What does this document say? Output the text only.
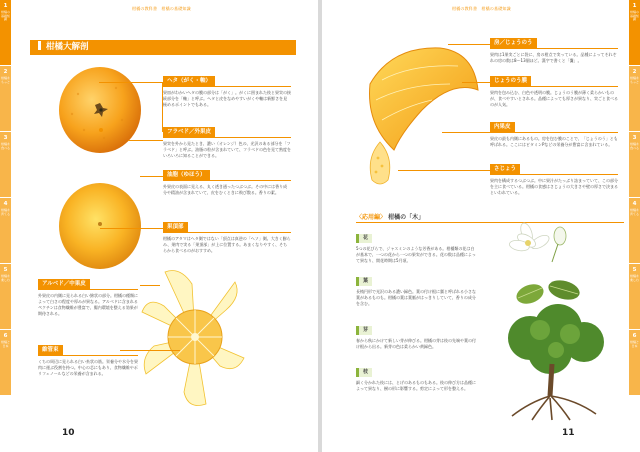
1
柑橘の基礎知識
2
柑橘をもっと
3
柑橘を食べる
4
柑橘を育てる
5
柑橘を楽しむ
6
柑橘と日本
柑橘の教科書　柑橘の基礎知識
柑橘大解剖
ヘタ（がく・軸）
果皿がわかいヘタの膜の部分は「がく」。がくに囲まれた枝と果実の接続部分を「軸」と呼ぶ。ヘタと皮をなめやすいがくや軸は新鮮さを見極めるポイントでもある。
フラベド／外果皮
果実を外から見たとき、濃い（オレンジ）色の、光沢のある部分を「フラベド」と呼ぶ。油脂の粒が含まれていて、フラベドの色を見て熟度をいろいろに知ることができる。
油胞（ゆほう）
外果皮の表面に見える、丸く透き通ったつぶつぶ。その中には香り成分や精油が含まれていて、皮をむくときに飛び散る。香りの素。
果頂部
柑橘のアタマはヘタ側ではない「頂点は真逆の「ヘソ」側。大きく膨らみ、果肉で実る「果頂部」が上に位置する。あまくなりやすく、そちらから食べるのがおすすめ。
アルベド／中果皮
外果皮の内側に見られる白い綿状の部分。柑橘の種類によって白さの程度や厚みが異なる。アルベドに含まれるペクチンは食物繊維が豊富で、腸内環境を整える効果が期待される。
維管束
くちの周辺に見られる白い糸状の筋。栄養分や水分を果肉に運ぶ役割を持つ。中心の芯にもあり、食物繊維やポリフェノールなどの栄養が含まれる。
10
柑橘の教科書　柑橘の基礎知識
房／じょうのう
果肉は1果実ごとに袋に、房の柑点で実っている。品種によってそれぞれの房の数は8〜13個ほど。漢字で書くと「嚢」。
じょうのう膜
果肉を包み込む、白色や透明の膜。じょうのう膜が薄く柔らかいものが、食べやすいとされる。品種によっても厚さが異なり、実ごと食べるのが人気。
内果皮
果皮の最も内側にあるもの。房を包む膜のことで、「じょうのう」とも呼ばれる。ここにはビタミンPなどの栄養分が豊富に含まれている。
さじょう
果肉を構成するつぶつぶ。中に果汁がたっぷり詰まっていて、この部分を主に食べている。柑橘の食感はさじょうの大きさや壁の厚さで決まるといわれている。
〈応用編〉 柑橘の「木」
花
5つの花びらで、ジャスミンのような芳香がある。柑橘類の花は白が基本で、一つの花から一つの果実ができる。花の数は品種によって異なり、開花時期は5月頃。
葉
長楕円形で光沢のある濃い緑色。葉の付け根に翼と呼ばれる小さな葉があるものも。柑橘の葉は葉脈がはっきりしていて、香りの成分を含む。
芽
春から秋にかけて新しい芽が伸びる。柑橘の芽は枝の先端や葉の付け根から出る。新芽の色は柔らかい黄緑色。
枝
細く分かれた枝には、とげのあるものもある。枝の伸び方は品種によって異なり、樹の形に影響する。剪定によって形を整える。
11
1
柑橘の基礎知識
2
柑橘をもっと
3
柑橘を食べる
4
柑橘を育てる
5
柑橘を楽しむ
6
柑橘と日本
